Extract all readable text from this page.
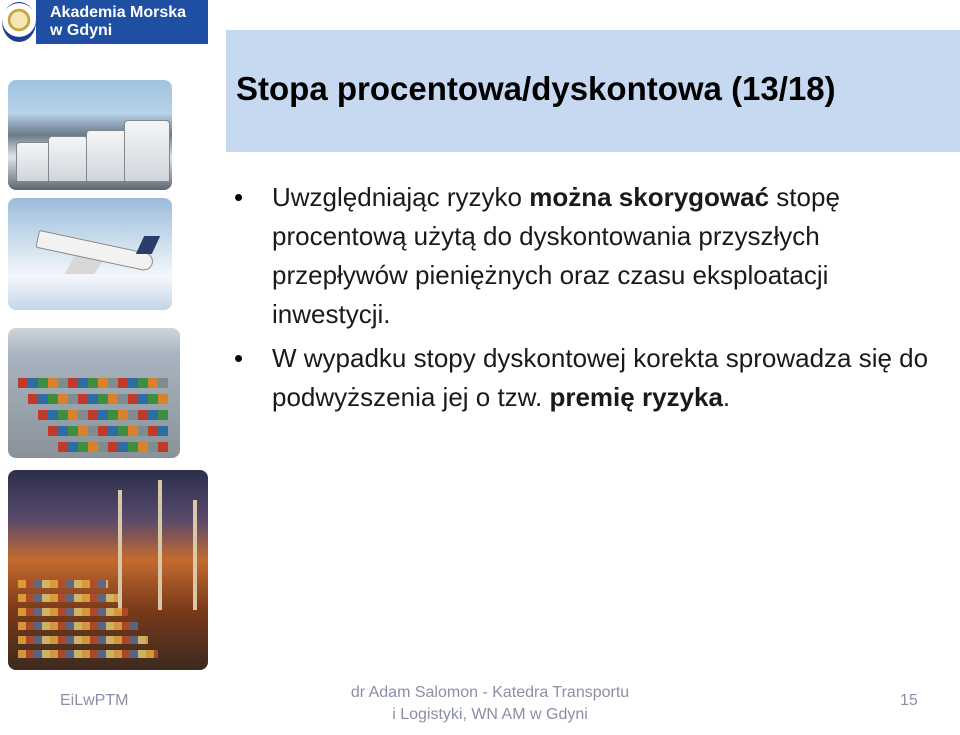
Akademia Morska
w Gdyni
Stopa procentowa/dyskontowa (13/18)
• Uwzględniając ryzyko można skorygować stopę procentową użytą do dyskontowania przyszłych przepływów pieniężnych oraz czasu eksploatacji inwestycji.
• W wypadku stopy dyskontowej korekta sprowadza się do podwyższenia jej o tzw. premię ryzyka.
EiLwPTM	dr Adam Salomon - Katedra Transportu
i Logistyki, WN AM w Gdyni
15
